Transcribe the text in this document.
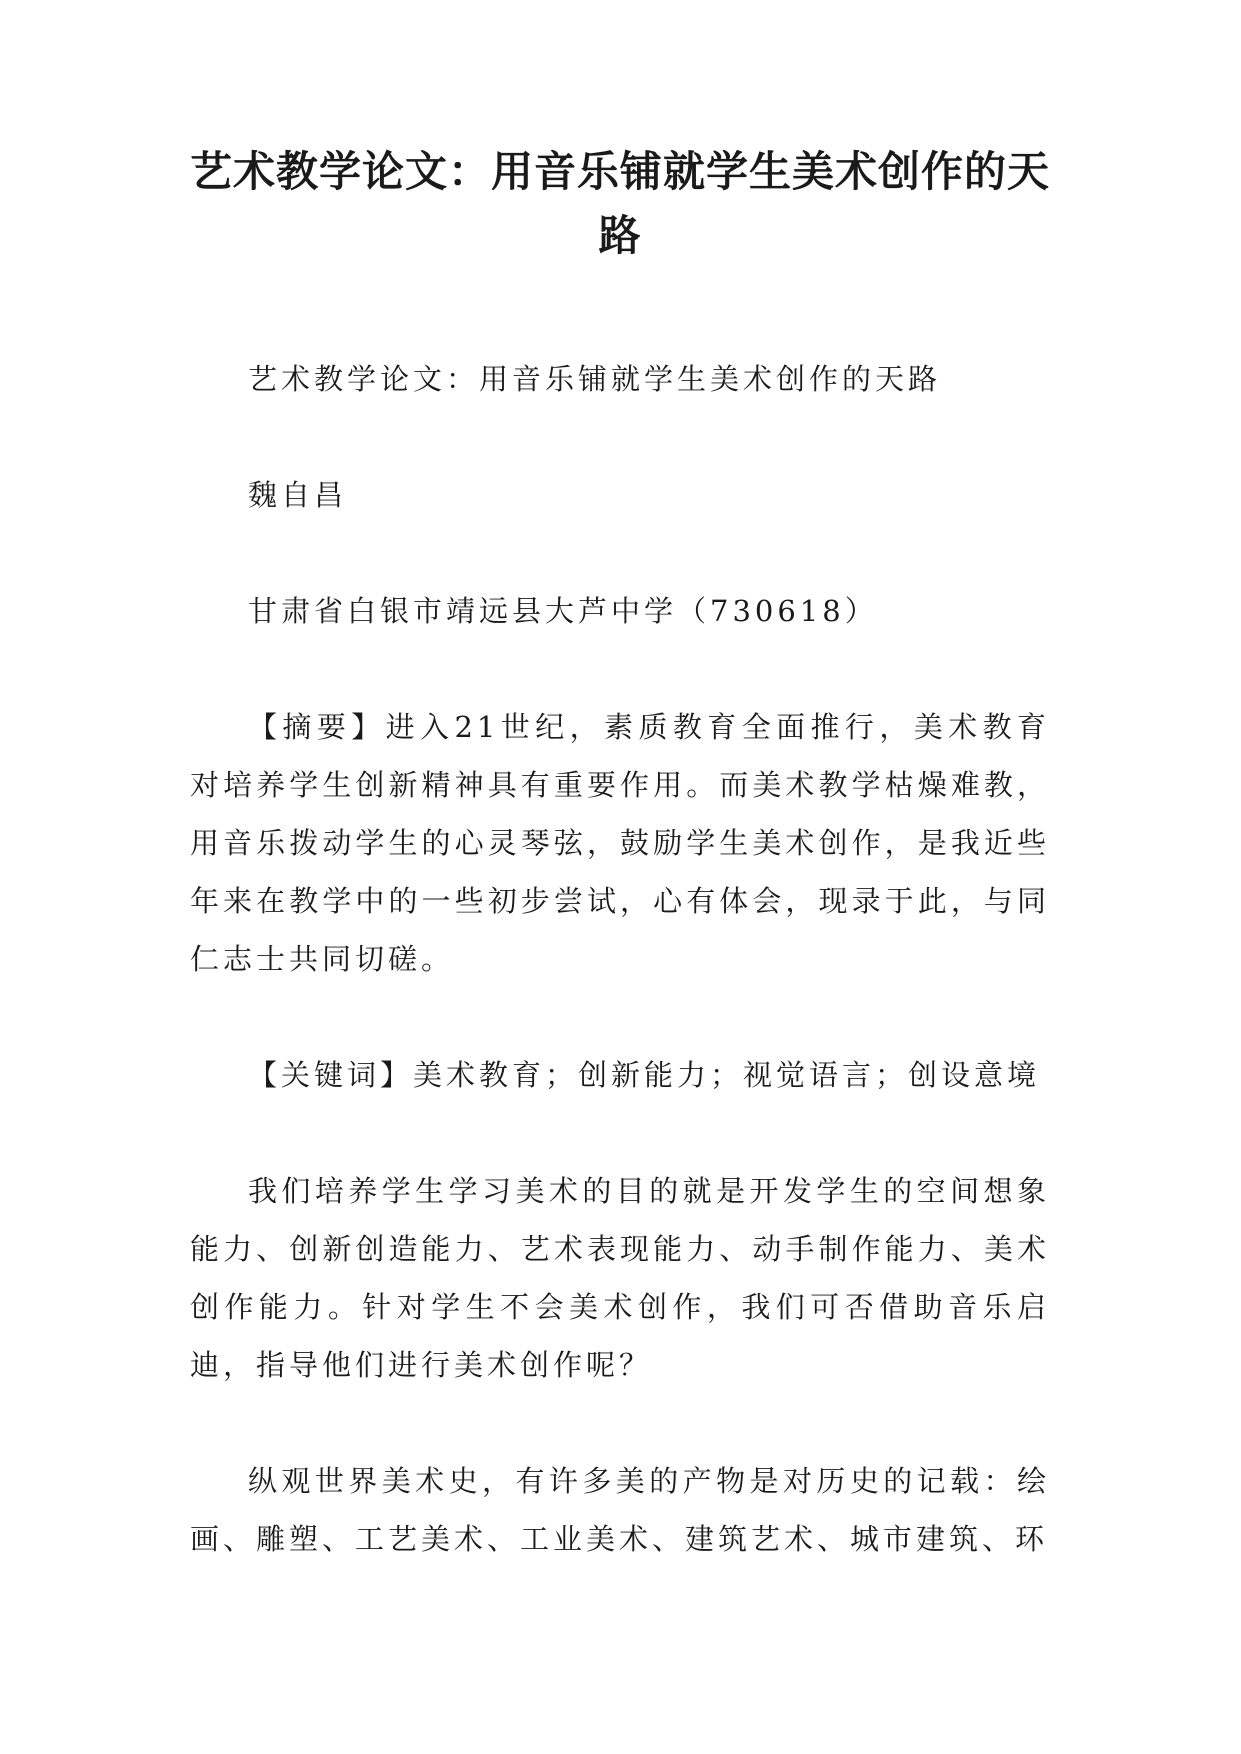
艺术教学论文：用音乐铺就学生美术创作的天路

艺术教学论文：用音乐铺就学生美术创作的天路

魏自昌

甘肃省白银市靖远县大芦中学（730618）

【摘要】进入21世纪，素质教育全面推行，美术教育对培养学生创新精神具有重要作用。而美术教学枯燥难教，用音乐拨动学生的心灵琴弦，鼓励学生美术创作，是我近些年来在教学中的一些初步尝试，心有体会，现录于此，与同仁志士共同切磋。

【关键词】美术教育；创新能力；视觉语言；创设意境

我们培养学生学习美术的目的就是开发学生的空间想象能力、创新创造能力、艺术表现能力、动手制作能力、美术创作能力。针对学生不会美术创作，我们可否借助音乐启迪，指导他们进行美术创作呢？

纵观世界美术史，有许多美的产物是对历史的记载：绘画、雕塑、工艺美术、工业美术、建筑艺术、城市建筑、环
